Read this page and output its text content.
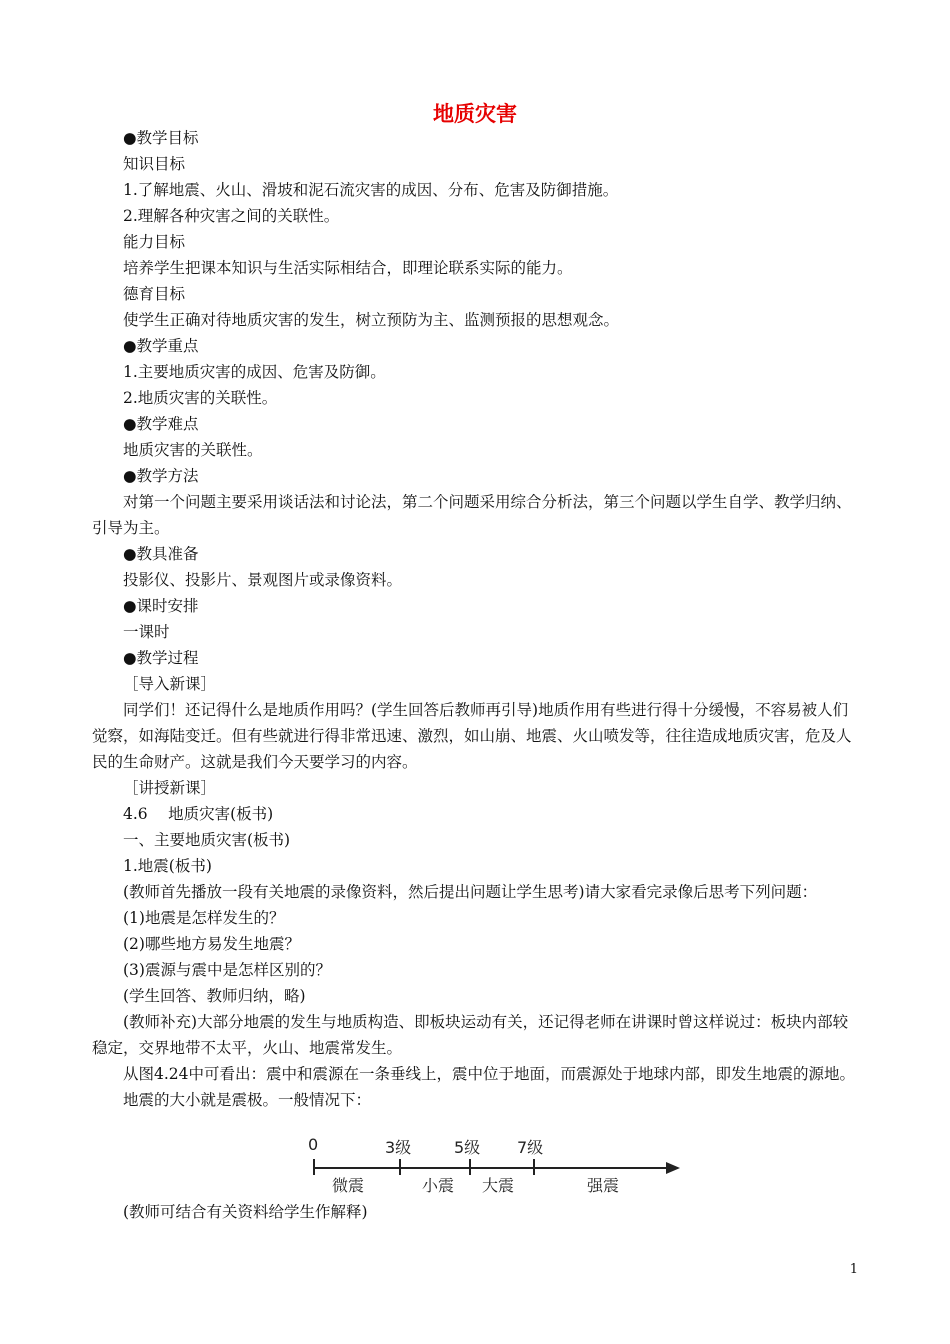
地质灾害
●教学目标
知识目标
1.了解地震、火山、滑坡和泥石流灾害的成因、分布、危害及防御措施。
2.理解各种灾害之间的关联性。
能力目标
培养学生把课本知识与生活实际相结合，即理论联系实际的能力。
德育目标
使学生正确对待地质灾害的发生，树立预防为主、监测预报的思想观念。
●教学重点
1.主要地质灾害的成因、危害及防御。
2.地质灾害的关联性。
●教学难点
地质灾害的关联性。
●教学方法
对第一个问题主要采用谈话法和讨论法，第二个问题采用综合分析法，第三个问题以学生自学、教学归纳、引导为主。
●教具准备
投影仪、投影片、景观图片或录像资料。
●课时安排
一课时
●教学过程
［导入新课］
同学们！还记得什么是地质作用吗？(学生回答后教师再引导)地质作用有些进行得十分缓慢，不容易被人们觉察，如海陆变迁。但有些就进行得非常迅速、激烈，如山崩、地震、火山喷发等，往往造成地质灾害，危及人民的生命财产。这就是我们今天要学习的内容。
［讲授新课］
4.6　 地质灾害(板书)
一、主要地质灾害(板书)
1.地震(板书)
(教师首先播放一段有关地震的录像资料，然后提出问题让学生思考)请大家看完录像后思考下列问题：
(1)地震是怎样发生的？
(2)哪些地方易发生地震？
(3)震源与震中是怎样区别的？
(学生回答、教师归纳，略)
(教师补充)大部分地震的发生与地质构造、即板块运动有关，还记得老师在讲课时曾这样说过：板块内部较稳定，交界地带不太平，火山、地震常发生。
从图4.24中可看出：震中和震源在一条垂线上，震中位于地面，而震源处于地球内部，即发生地震的源地。
地震的大小就是震极。一般情况下：
0	3级	5级 7级
微震	小震 大震	强震
(教师可结合有关资料给学生作解释)
1
